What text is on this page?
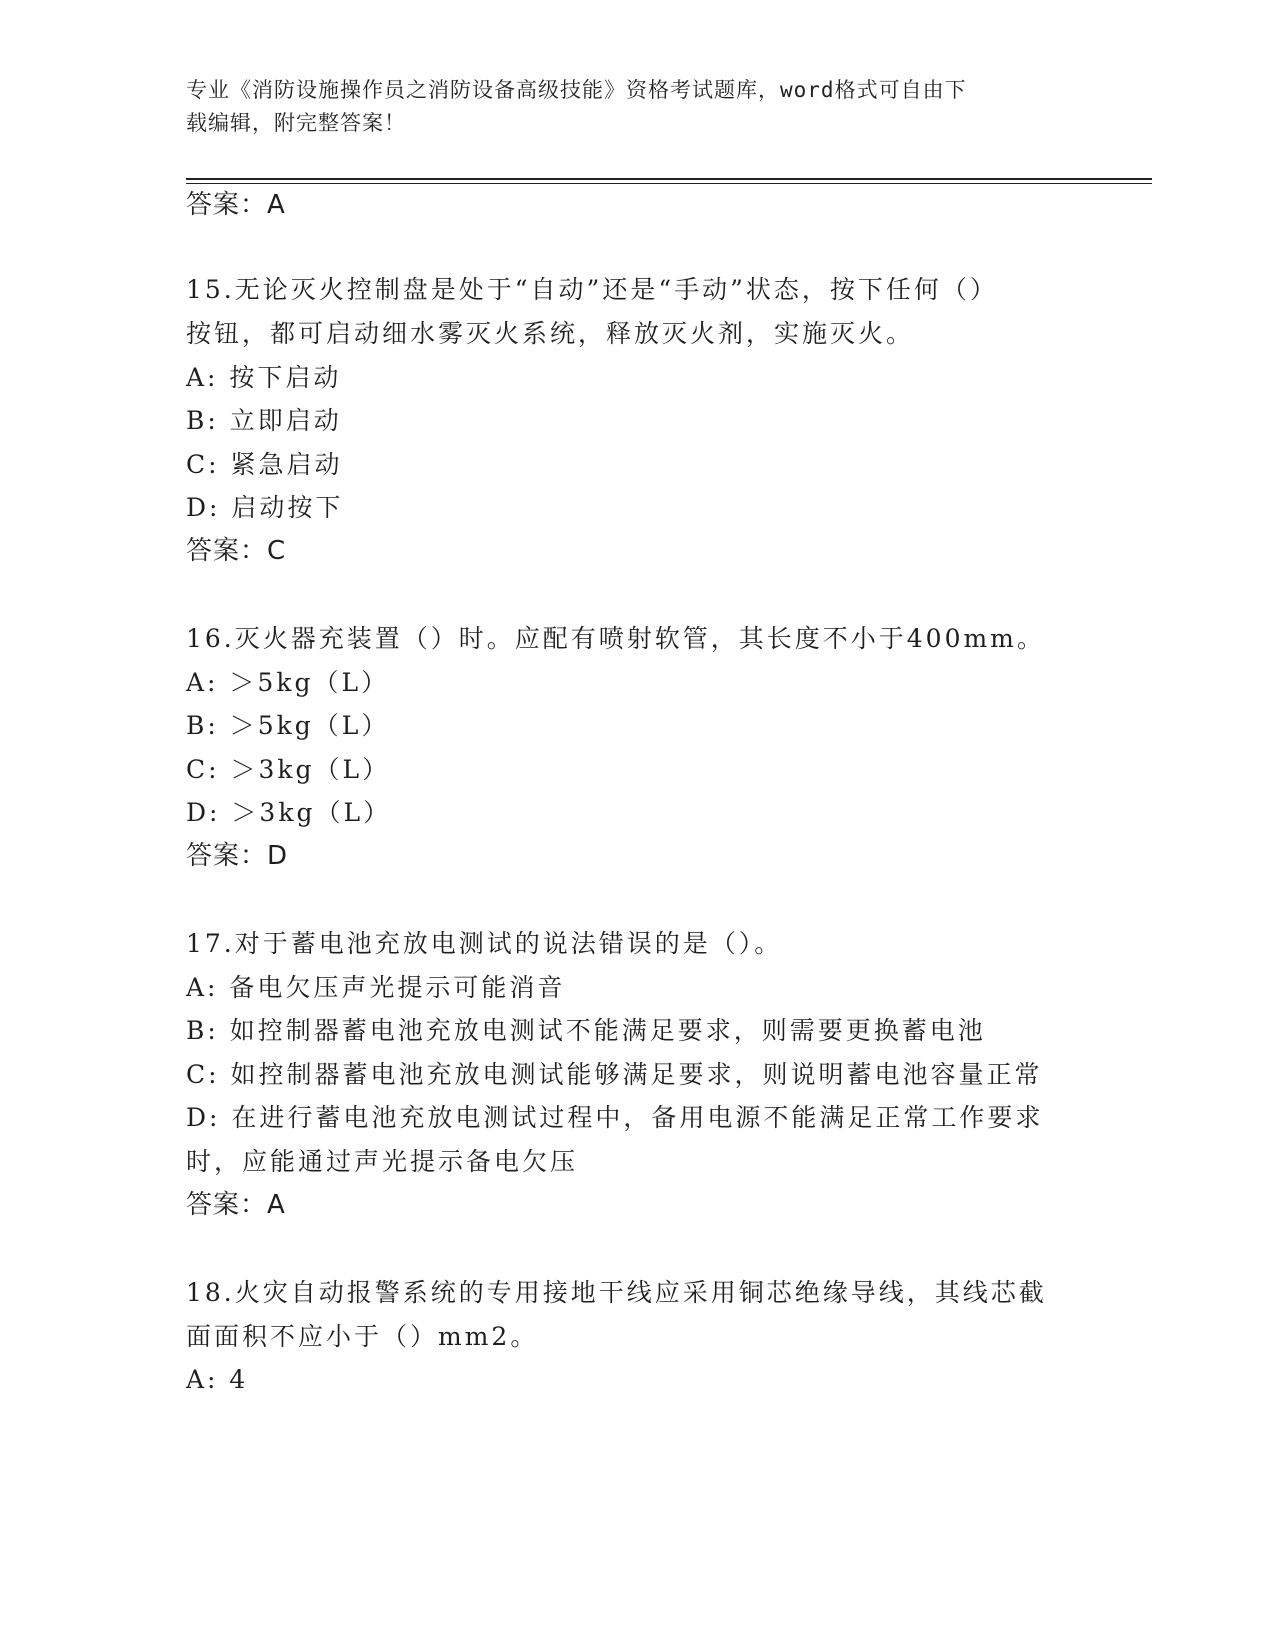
专业《消防设施操作员之消防设备高级技能》资格考试题库，word格式可自由下
载编辑，附完整答案！
答案：A
15.无论灭火控制盘是处于“自动”还是“手动”状态，按下任何（）
按钮，都可启动细水雾灭火系统，释放灭火剂，实施灭火。
A: 按下启动
B: 立即启动
C: 紧急启动
D: 启动按下
答案：C
16.灭火器充装置（）时。应配有喷射软管，其长度不小于400mm。
A: ＞5kg（L）
B: ＞5kg（L）
C: ＞3kg（L）
D: ＞3kg（L）
答案：D
17.对于蓄电池充放电测试的说法错误的是（）。
A: 备电欠压声光提示可能消音
B: 如控制器蓄电池充放电测试不能满足要求，则需要更换蓄电池
C: 如控制器蓄电池充放电测试能够满足要求，则说明蓄电池容量正常
D: 在进行蓄电池充放电测试过程中，备用电源不能满足正常工作要求
时，应能通过声光提示备电欠压
答案：A
18.火灾自动报警系统的专用接地干线应采用铜芯绝缘导线，其线芯截
面面积不应小于（）mm2。
A: 4
